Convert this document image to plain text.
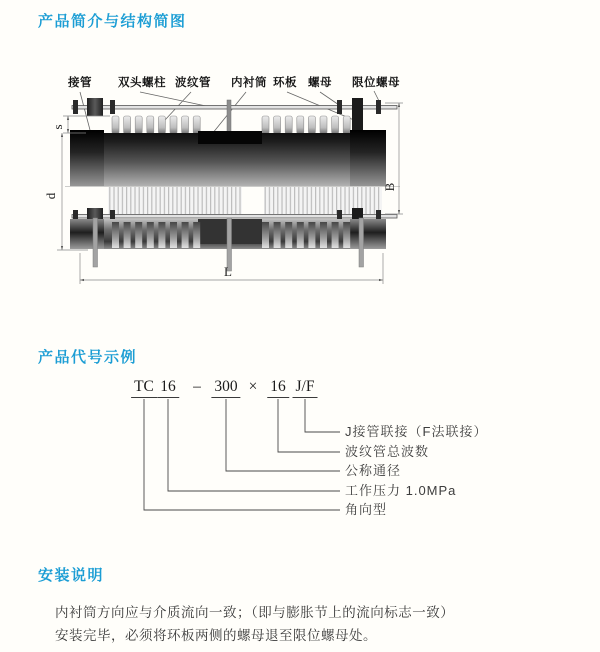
产品简介与结构简图
接管 双头螺柱 波纹管 内衬筒 环板 螺母 限位螺母
s
d
B
L
产品代号示例
TC 16 – 300 × 16 J/F
J接管联接（F法联接）
波纹管总波数
公称通径
工作压力 1.0MPa
角向型
安装说明
内衬筒方向应与介质流向一致；（即与膨胀节上的流向标志一致）
安装完毕，必须将环板两侧的螺母退至限位螺母处。
